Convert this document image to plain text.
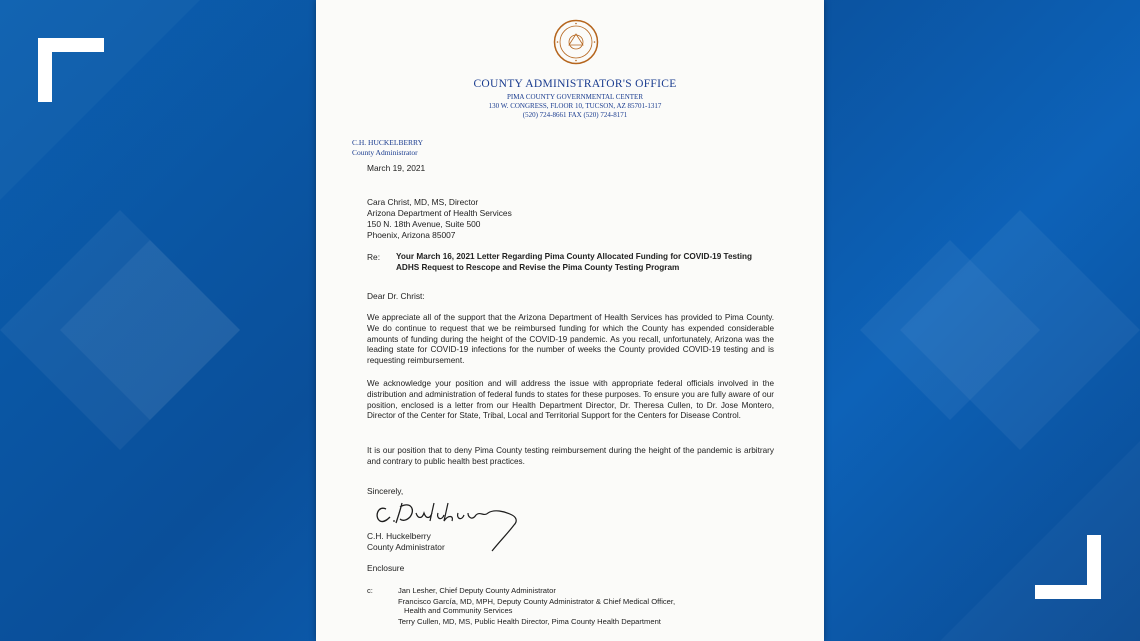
COUNTY ADMINISTRATOR'S OFFICE
PIMA COUNTY GOVERNMENTAL CENTER
130 W. CONGRESS, FLOOR 10, TUCSON, AZ 85701-1317
(520) 724-8661 FAX (520) 724-8171
C.H. HUCKELBERRY
County Administrator
March 19, 2021
Cara Christ, MD, MS, Director
Arizona Department of Health Services
150 N. 18th Avenue, Suite 500
Phoenix, Arizona 85007
Re: Your March 16, 2021 Letter Regarding Pima County Allocated Funding for COVID-19 Testing ADHS Request to Rescope and Revise the Pima County Testing Program
Dear Dr. Christ:
We appreciate all of the support that the Arizona Department of Health Services has provided to Pima County. We do continue to request that we be reimbursed funding for which the County has expended considerable amounts of funding during the height of the COVID-19 pandemic. As you recall, unfortunately, Arizona was the leading state for COVID-19 infections for the number of weeks the County provided COVID-19 testing and is requesting reimbursement.
We acknowledge your position and will address the issue with appropriate federal officials involved in the distribution and administration of federal funds to states for these purposes. To ensure you are fully aware of our position, enclosed is a letter from our Health Department Director, Dr. Theresa Cullen, to Dr. Jose Montero, Director of the Center for State, Tribal, Local and Territorial Support for the Centers for Disease Control.
It is our position that to deny Pima County testing reimbursement during the height of the pandemic is arbitrary and contrary to public health best practices.
Sincerely,
C.H. Huckelberry
County Administrator
Enclosure
c:	Jan Lesher, Chief Deputy County Administrator
Francisco García, MD, MPH, Deputy County Administrator & Chief Medical Officer,
Health and Community Services
Terry Cullen, MD, MS, Public Health Director, Pima County Health Department
